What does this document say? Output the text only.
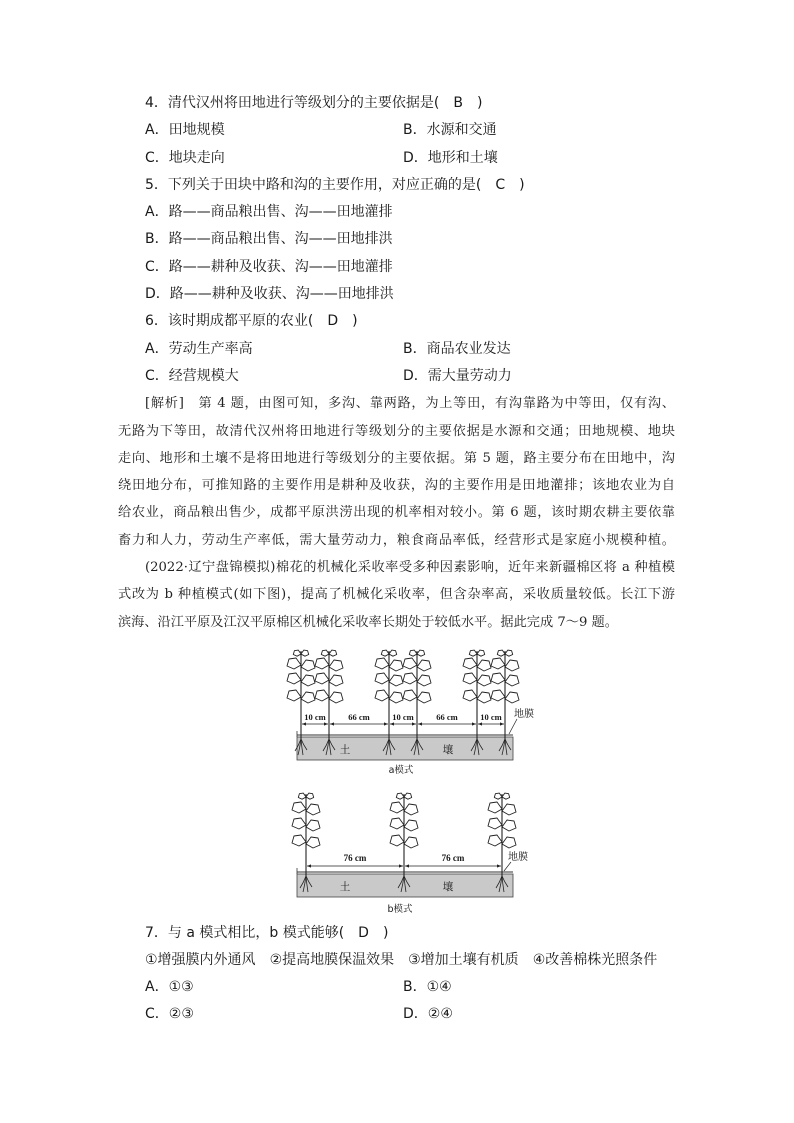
4．清代汉州将田地进行等级划分的主要依据是(　B　)
A．田地规模	B．水源和交通
C．地块走向	D．地形和土壤
5．下列关于田块中路和沟的主要作用，对应正确的是(　C　)
A．路——商品粮出售、沟——田地灌排
B．路——商品粮出售、沟——田地排洪
C．路——耕种及收获、沟——田地灌排
D．路——耕种及收获、沟——田地排洪
6．该时期成都平原的农业(　D　)
A．劳动生产率高	B．商品农业发达
C．经营规模大	D．需大量劳动力
[解析]　第 4 题，由图可知，多沟、靠两路，为上等田，有沟靠路为中等田，仅有沟、
无路为下等田，故清代汉州将田地进行等级划分的主要依据是水源和交通；田地规模、地块
走向、地形和土壤不是将田地进行等级划分的主要依据。第 5 题，路主要分布在田地中，沟
绕田地分布，可推知路的主要作用是耕种及收获，沟的主要作用是田地灌排；该地农业为自
给农业，商品粮出售少，成都平原洪涝出现的机率相对较小。第 6 题，该时期农耕主要依靠
畜力和人力，劳动生产率低，需大量劳动力，粮食商品率低，经营形式是家庭小规模种植。
(2022·辽宁盘锦模拟)棉花的机械化采收率受多种因素影响，近年来新疆棉区将 a 种植模
式改为 b 种植模式(如下图)，提高了机械化采收率，但含杂率高，采收质量较低。长江下游
滨海、沿江平原及江汉平原棉区机械化采收率长期处于较低水平。据此完成 7～9 题。
10 cm	66 cm	10 cm	66 cm	10 cm 地膜
土	壤
a模式
76 cm	76 cm	地膜
土	壤
b模式
7．与 a 模式相比，b 模式能够(　D　)
①增强膜内外通风 ②提高地膜保温效果 ③增加土壤有机质 ④改善棉株光照条件
A．①③	B．①④
C．②③	D．②④
